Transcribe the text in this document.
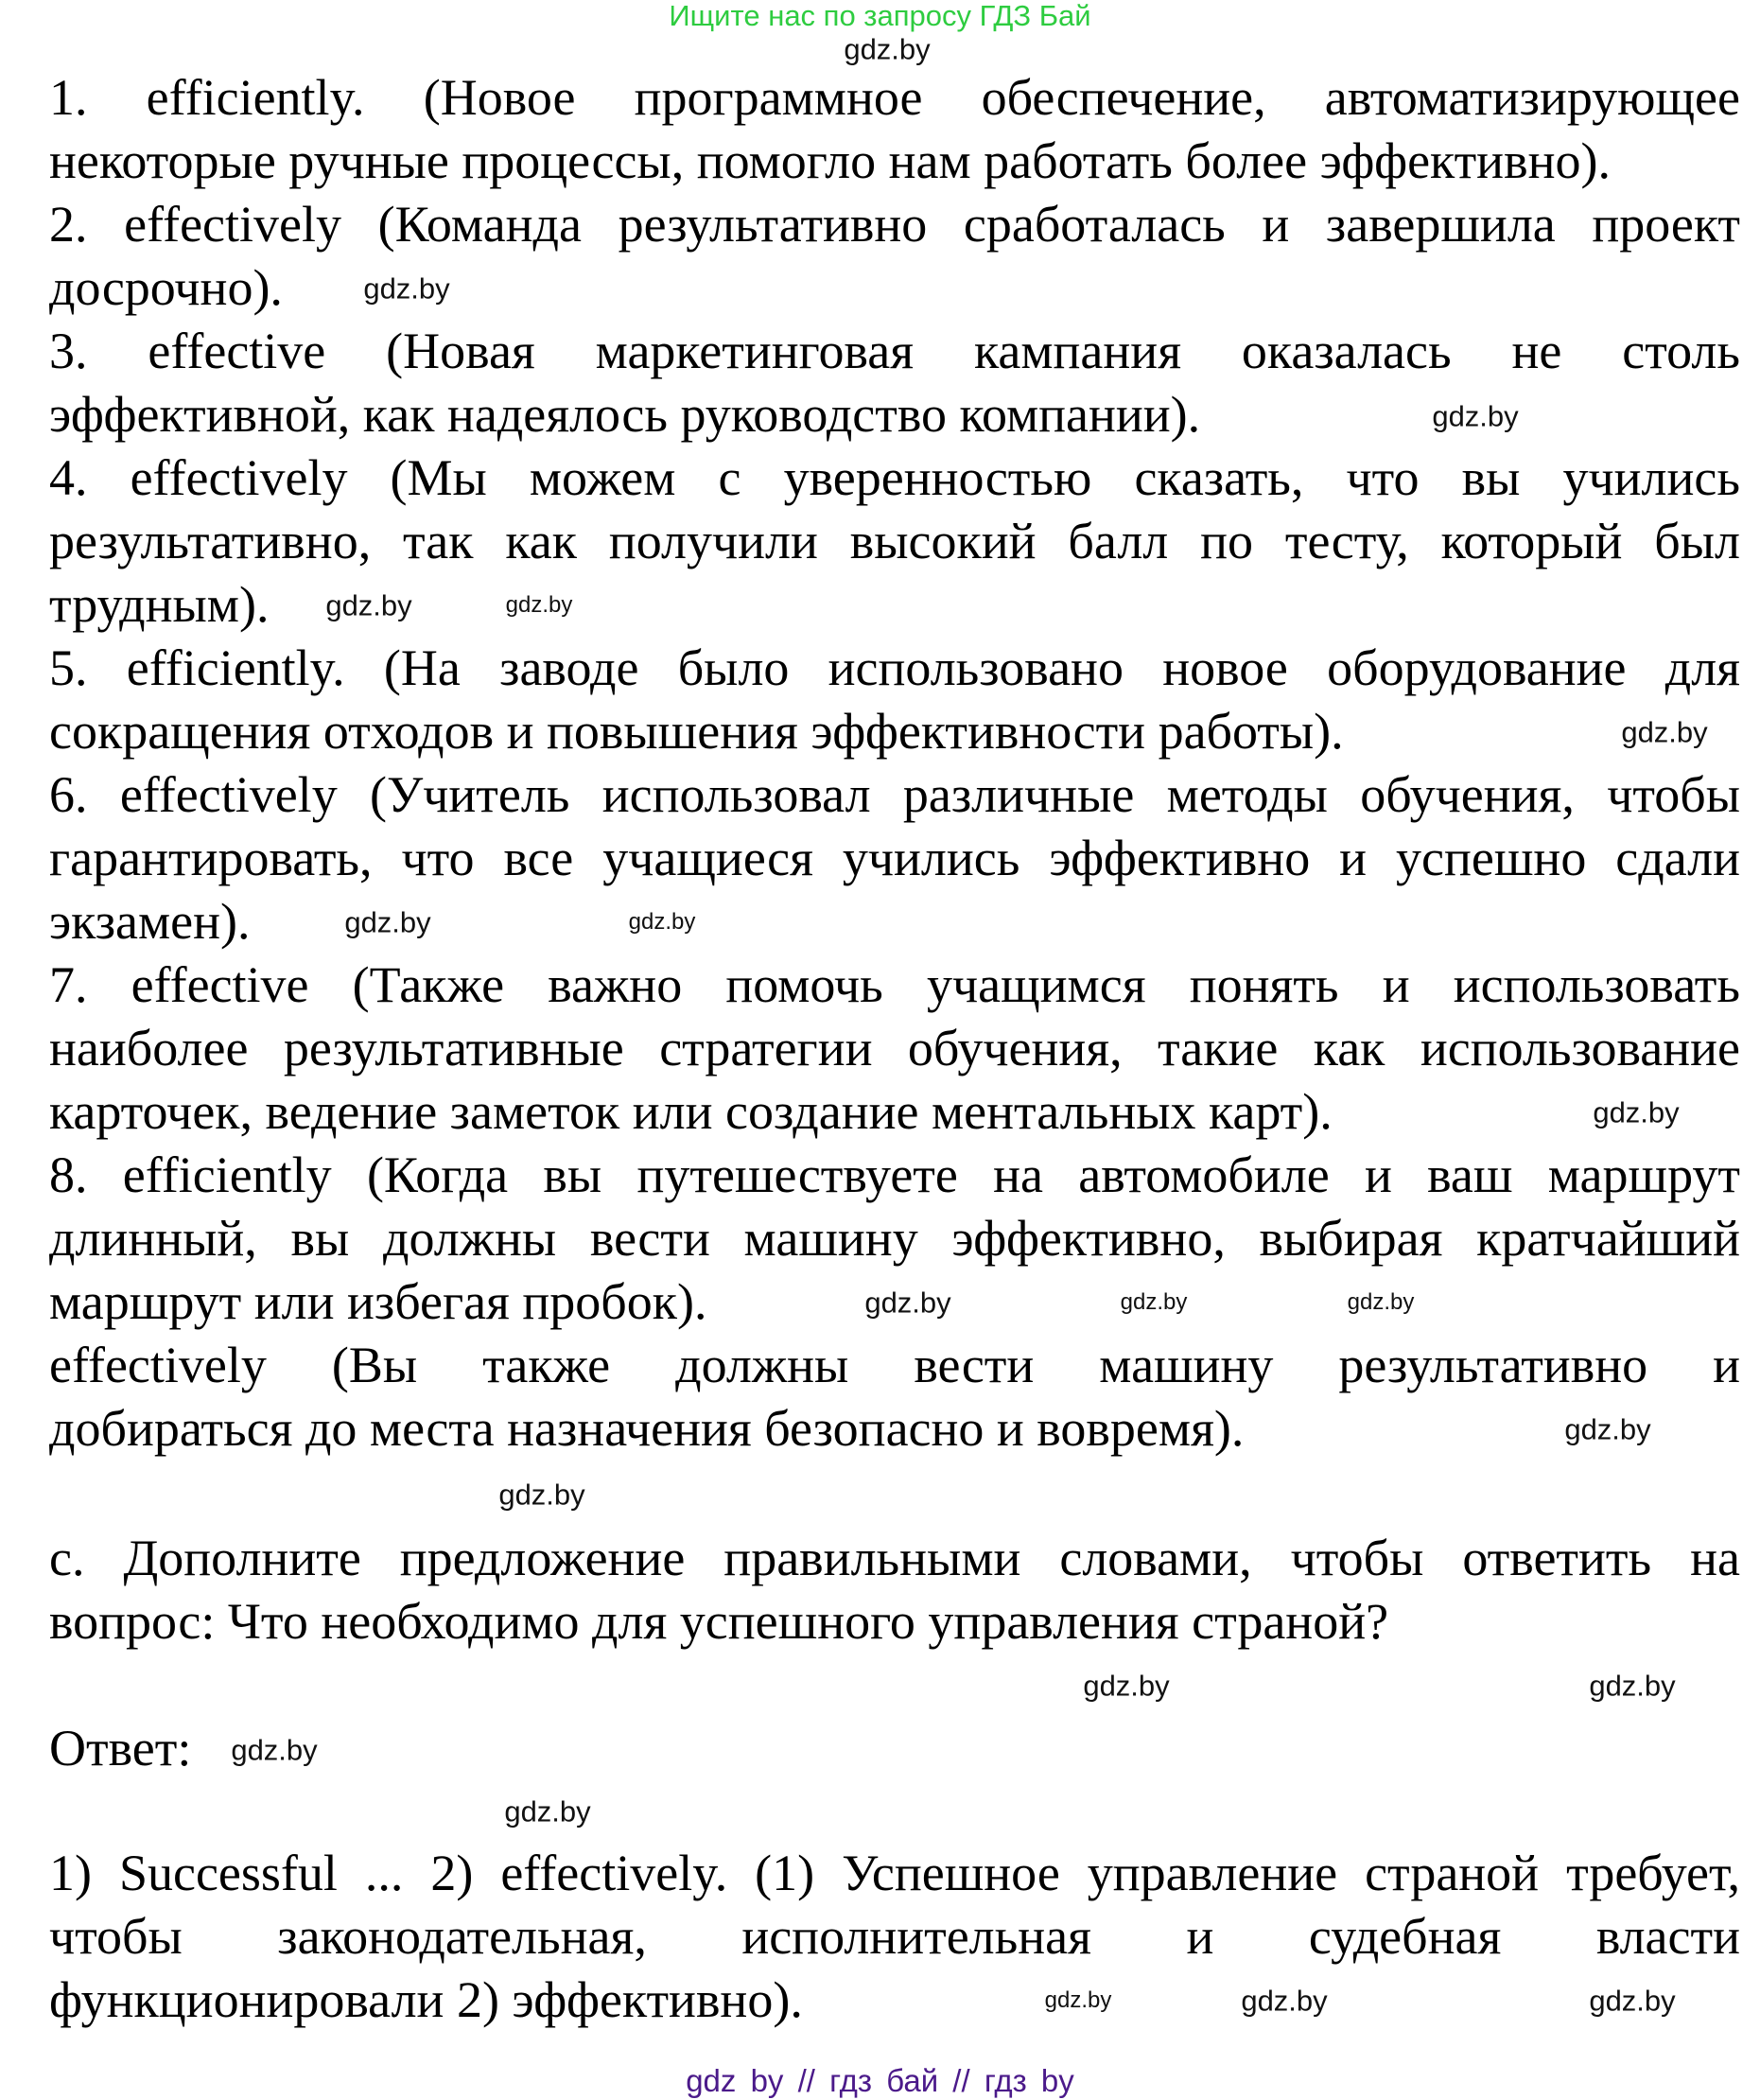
Ищите нас по запросу ГДЗ Бай
1. efficiently. (Новое программное обеспечение, автоматизирующее
некоторые ручные процессы, помогло нам работать более эффективно).
2. effectively (Команда результативно сработалась и завершила проект
досрочно).
3. effective (Новая маркетинговая кампания оказалась не столь
эффективной, как надеялось руководство компании).
4. effectively (Мы можем с уверенностью сказать, что вы учились
результативно, так как получили высокий балл по тесту, который был
трудным).
5. efficiently. (На заводе было использовано новое оборудование для
сокращения отходов и повышения эффективности работы).
6. effectively (Учитель использовал различные методы обучения, чтобы
гарантировать, что все учащиеся учились эффективно и успешно сдали
экзамен).
7. effective (Также важно помочь учащимся понять и использовать
наиболее результативные стратегии обучения, такие как использование
карточек, ведение заметок или создание ментальных карт).
8. efficiently (Когда вы путешествуете на автомобиле и ваш маршрут
длинный, вы должны вести машину эффективно, выбирая кратчайший
маршрут или избегая пробок).
effectively (Вы также должны вести машину результативно и
добираться до места назначения безопасно и вовремя).
c. Дополните предложение правильными словами, чтобы ответить на
вопрос: Что необходимо для успешного управления страной?
Ответ:
1) Successful ... 2) effectively. (1) Успешное управление страной требует,
чтобы законодательная, исполнительная и судебная власти
функционировали 2) эффективно).
gdz.by
gdz.by
gdz.by
gdz.by	gdz.by
gdz.by
gdz.by	gdz.by
gdz.by
gdz.by	gdz.by	gdz.by
gdz.by
gdz.by
gdz.by	gdz.by
gdz.by
gdz.by
gdz.by	gdz.by	gdz.by
gdz by // гдз бай // гдз by
